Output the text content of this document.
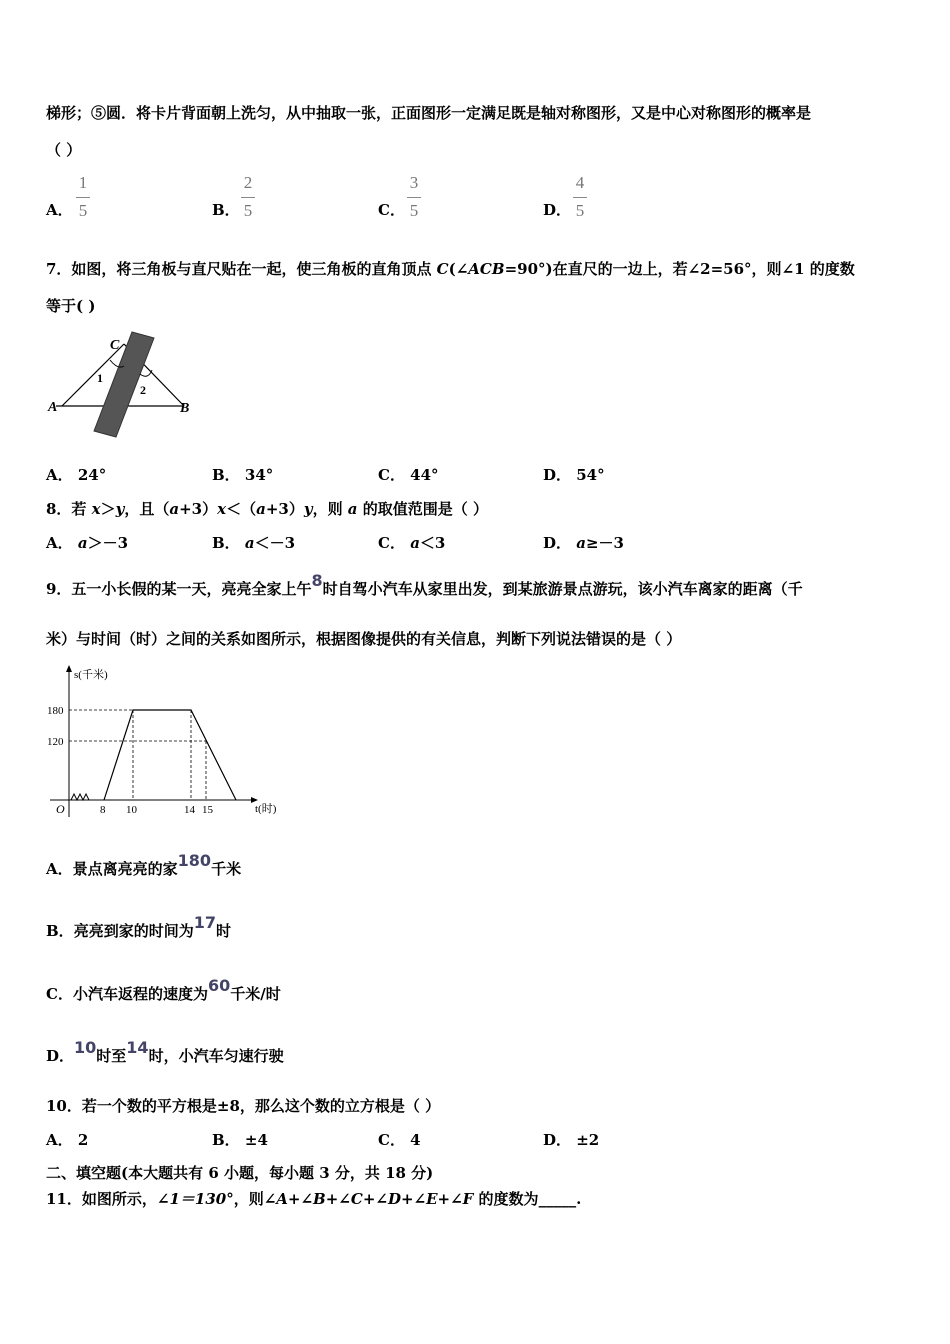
梯形；⑤圆．将卡片背面朝上洗匀，从中抽取一张，正面图形一定满足既是轴对称图形，又是中心对称图形的概率是
（ ）
A．
1
5	B．
2
5	C．
3
5	D．
4
5
7．如图，将三角板与直尺贴在一起，使三角板的直角顶点 C(∠ACB=90°)在直尺的一边上，若∠2=56°，则∠1 的度数
等于( )
C
A	B
1
2
A． 24°	B． 34°	C． 44°	D． 54°
8．若 x＞y，且（a+3）x＜（a+3）y，则 a 的取值范围是（ ）
A． a＞－3	B． a＜－3	C． a＜3	D． a≥－3
9．五一小长假的某一天，亮亮全家上午8时自驾小汽车从家里出发，到某旅游景点游玩，该小汽车离家的距离（千
米）与时间（时）之间的关系如图所示，根据图像提供的有关信息，判断下列说法错误的是（ ）
s(千米)
t(时)
O
180
120
8 10	14 15
A．景点离亮亮的家180千米
B．亮亮到家的时间为17时
C．小汽车返程的速度为60千米/时
D．10时至14时，小汽车匀速行驶
10．若一个数的平方根是±8，那么这个数的立方根是（ ）
A． 2	B． ±4	C． 4	D． ±2
二、填空题(本大题共有 6 小题，每小题 3 分，共 18 分)
11．如图所示，∠1＝130°，则∠A+∠B+∠C+∠D+∠E+∠F 的度数为_____.
